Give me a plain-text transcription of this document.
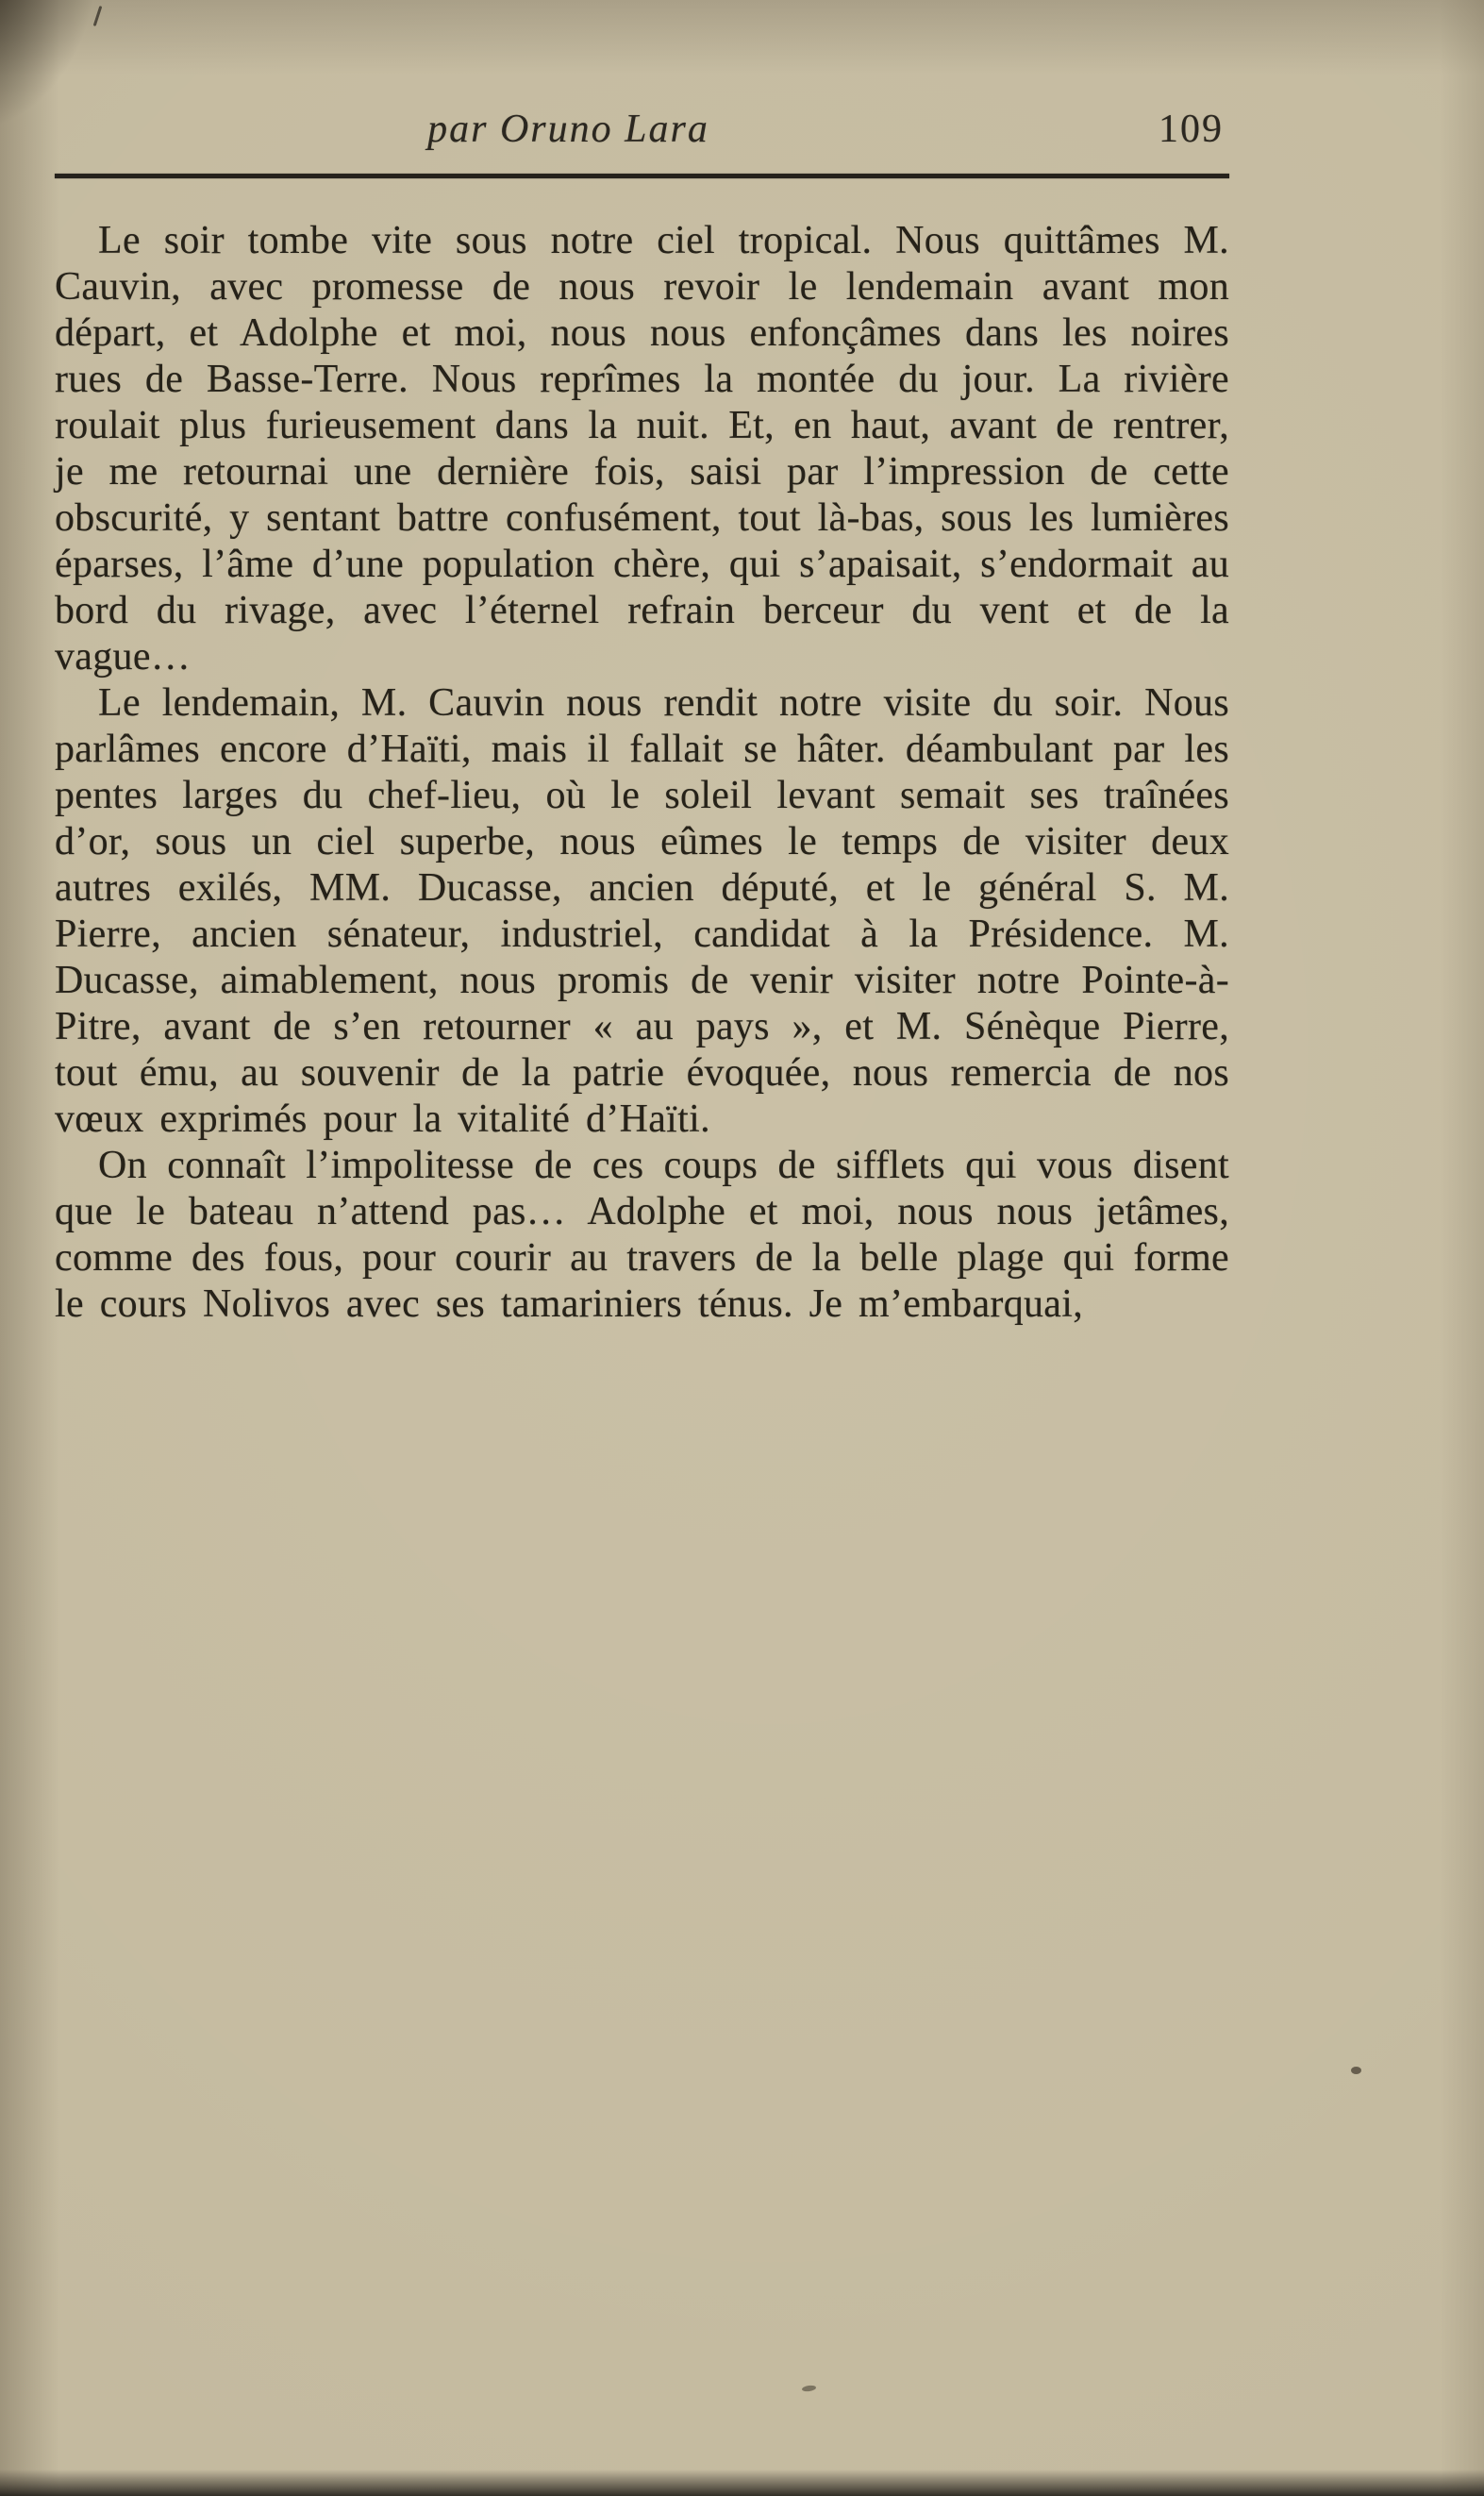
par Oruno Lara	109

Le soir tombe vite sous notre ciel tropical. Nous quittâmes M. Cauvin, avec promesse de nous revoir le lendemain avant mon départ, et Adolphe et moi, nous nous enfonçâmes dans les noires rues de Basse-Terre. Nous reprîmes la montée du jour. La rivière roulait plus furieusement dans la nuit. Et, en haut, avant de rentrer, je me retournai une dernière fois, saisi par l’impression de cette obscurité, y sentant battre confusément, tout là-bas, sous les lumières éparses, l’âme d’une population chère, qui s’apaisait, s’endormait au bord du rivage, avec l’éternel refrain berceur du vent et de la vague…

Le lendemain, M. Cauvin nous rendit notre visite du soir. Nous parlâmes encore d’Haïti, mais il fallait se hâter. déambulant par les pentes larges du chef-lieu, où le soleil levant semait ses traînées d’or, sous un ciel superbe, nous eûmes le temps de visiter deux autres exilés, MM. Ducasse, ancien député, et le général S. M. Pierre, ancien sénateur, industriel, candidat à la Présidence. M. Ducasse, aimablement, nous promis de venir visiter notre Pointe-à-Pitre, avant de s’en retourner « au pays », et M. Sénèque Pierre, tout ému, au souvenir de la patrie évoquée, nous remercia de nos vœux exprimés pour la vitalité d’Haïti.

On connaît l’impolitesse de ces coups de sifflets qui vous disent que le bateau n’attend pas… Adolphe et moi, nous nous jetâmes, comme des fous, pour courir au travers de la belle plage qui forme le cours Nolivos avec ses tamariniers ténus. Je m’embarquai,
